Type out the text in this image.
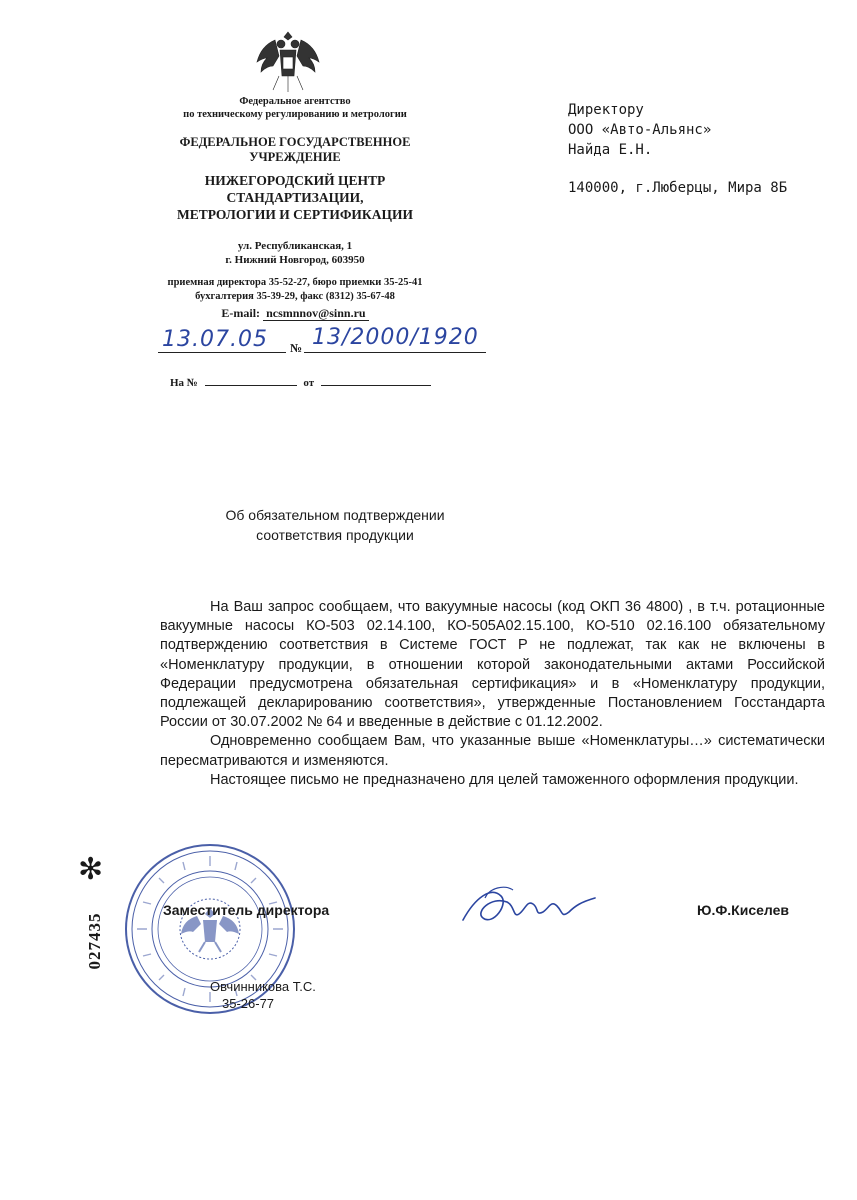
Федеральное агентство
по техническому регулированию и метрологии
ФЕДЕРАЛЬНОЕ ГОСУДАРСТВЕННОЕ
УЧРЕЖДЕНИЕ
НИЖЕГОРОДСКИЙ ЦЕНТР
СТАНДАРТИЗАЦИИ,
МЕТРОЛОГИИ И СЕРТИФИКАЦИИ
ул. Республиканская, 1
г. Нижний Новгород, 603950
приемная директора 35-52-27, бюро приемки 35-25-41
бухгалтерия 35-39-29, факс (8312) 35-67-48
E-mail: ncsmnnov@sinn.ru
13.07.05 № 13/2000/1920
На №	от
Директору
ООО «Авто-Альянс»
Найда Е.Н.
140000, г.Люберцы, Мира 8Б
Об обязательном подтверждении
соответствия продукции

На Ваш запрос сообщаем, что вакуумные насосы (код ОКП 36 4800) , в т.ч. ротационные вакуумные насосы КО-503 02.14.100, КО-505А02.15.100, КО-510 02.16.100 обязательному подтверждению соответствия в Системе ГОСТ Р не подлежат, так как не включены в «Номенклатуру продукции, в отношении которой законодательными актами Российской Федерации предусмотрена обязательная сертификация» и в «Номенклатуру продукции, подлежащей декларированию соответствия», утвержденные Постановлением Госстандарта России от 30.07.2002 № 64 и введенные в действие с 01.12.2002.

Одновременно сообщаем Вам, что указанные выше «Номенклатуры…» систематически пересматриваются и изменяются.

Настоящее письмо не предназначено для целей таможенного оформления продукции.

Заместитель директора	Ю.Ф.Киселев
Овчинникова Т.С.
35-26-77
✻
027435
